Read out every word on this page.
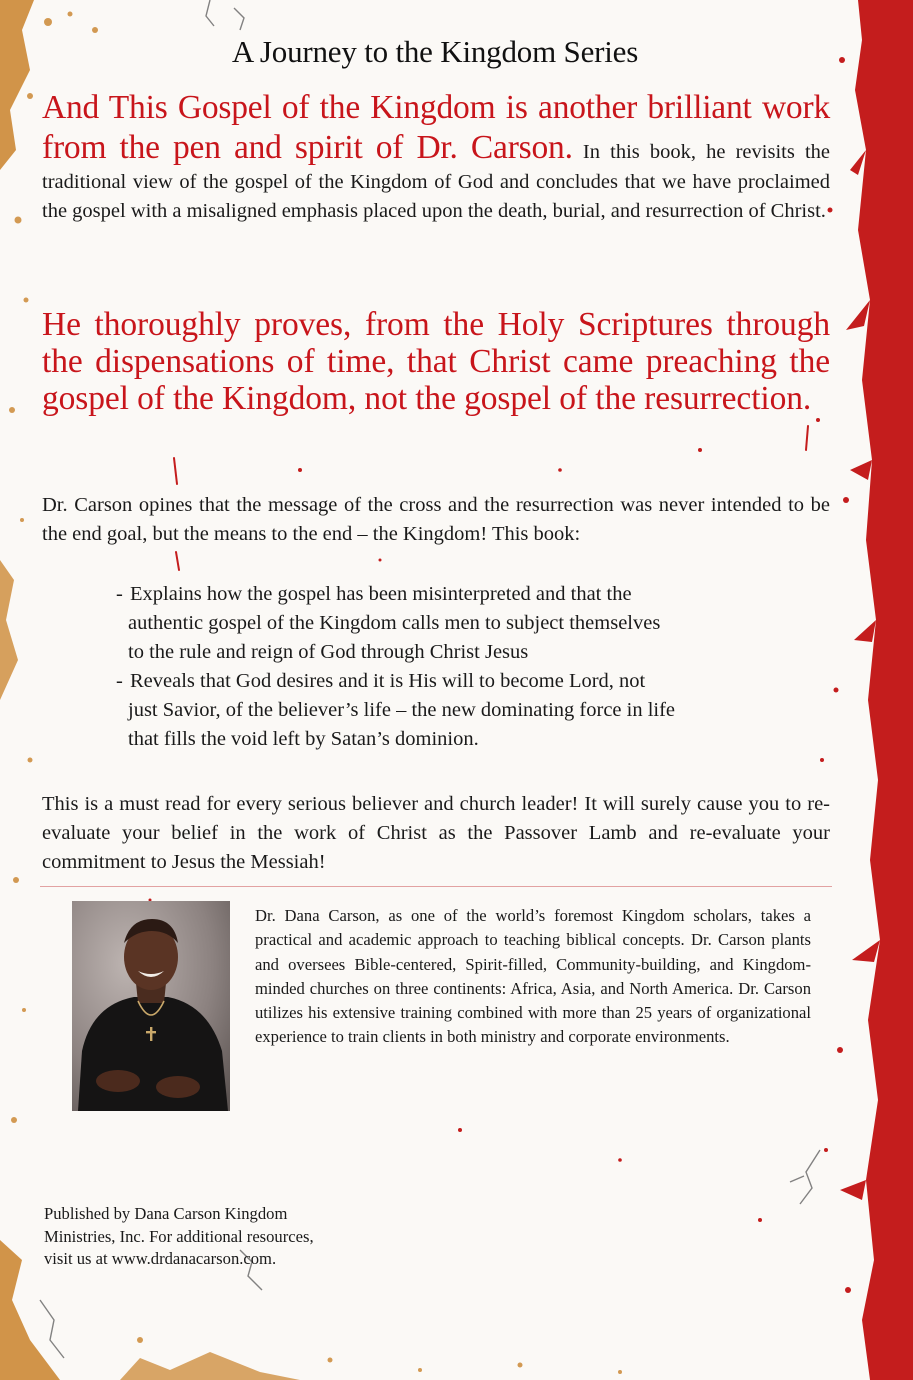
A Journey to the Kingdom Series

And This Gospel of the Kingdom is another brilliant work from the pen and spirit of Dr. Carson. In this book, he revisits the traditional view of the gospel of the Kingdom of God and concludes that we have proclaimed the gospel with a misaligned emphasis placed upon the death, burial, and resurrection of Christ.

He thoroughly proves, from the Holy Scriptures through the dispensations of time, that Christ came preaching the gospel of the Kingdom, not the gospel of the resurrection.

Dr. Carson opines that the message of the cross and the resurrection was never intended to be the end goal, but the means to the end – the Kingdom! This book:

- Explains how the gospel has been misinterpreted and that the
authentic gospel of the Kingdom calls men to subject themselves
to the rule and reign of God through Christ Jesus
- Reveals that God desires and it is His will to become Lord, not
just Savior, of the believer’s life – the new dominating force in life
that fills the void left by Satan’s dominion.

This is a must read for every serious believer and church leader! It will surely cause you to re-evaluate your belief in the work of Christ as the Passover Lamb and re-evaluate your commitment to Jesus the Messiah!

Dr. Dana Carson, as one of the world’s foremost Kingdom scholars, takes a practical and academic approach to teaching biblical concepts. Dr. Carson plants and oversees Bible-centered, Spirit-filled, Community-building, and Kingdom-minded churches on three continents: Africa, Asia, and North America. Dr. Carson utilizes his extensive training combined with more than 25 years of organizational experience to train clients in both ministry and corporate environments.

Published by Dana Carson Kingdom
Ministries, Inc. For additional resources,
visit us at www.drdanacarson.com.
